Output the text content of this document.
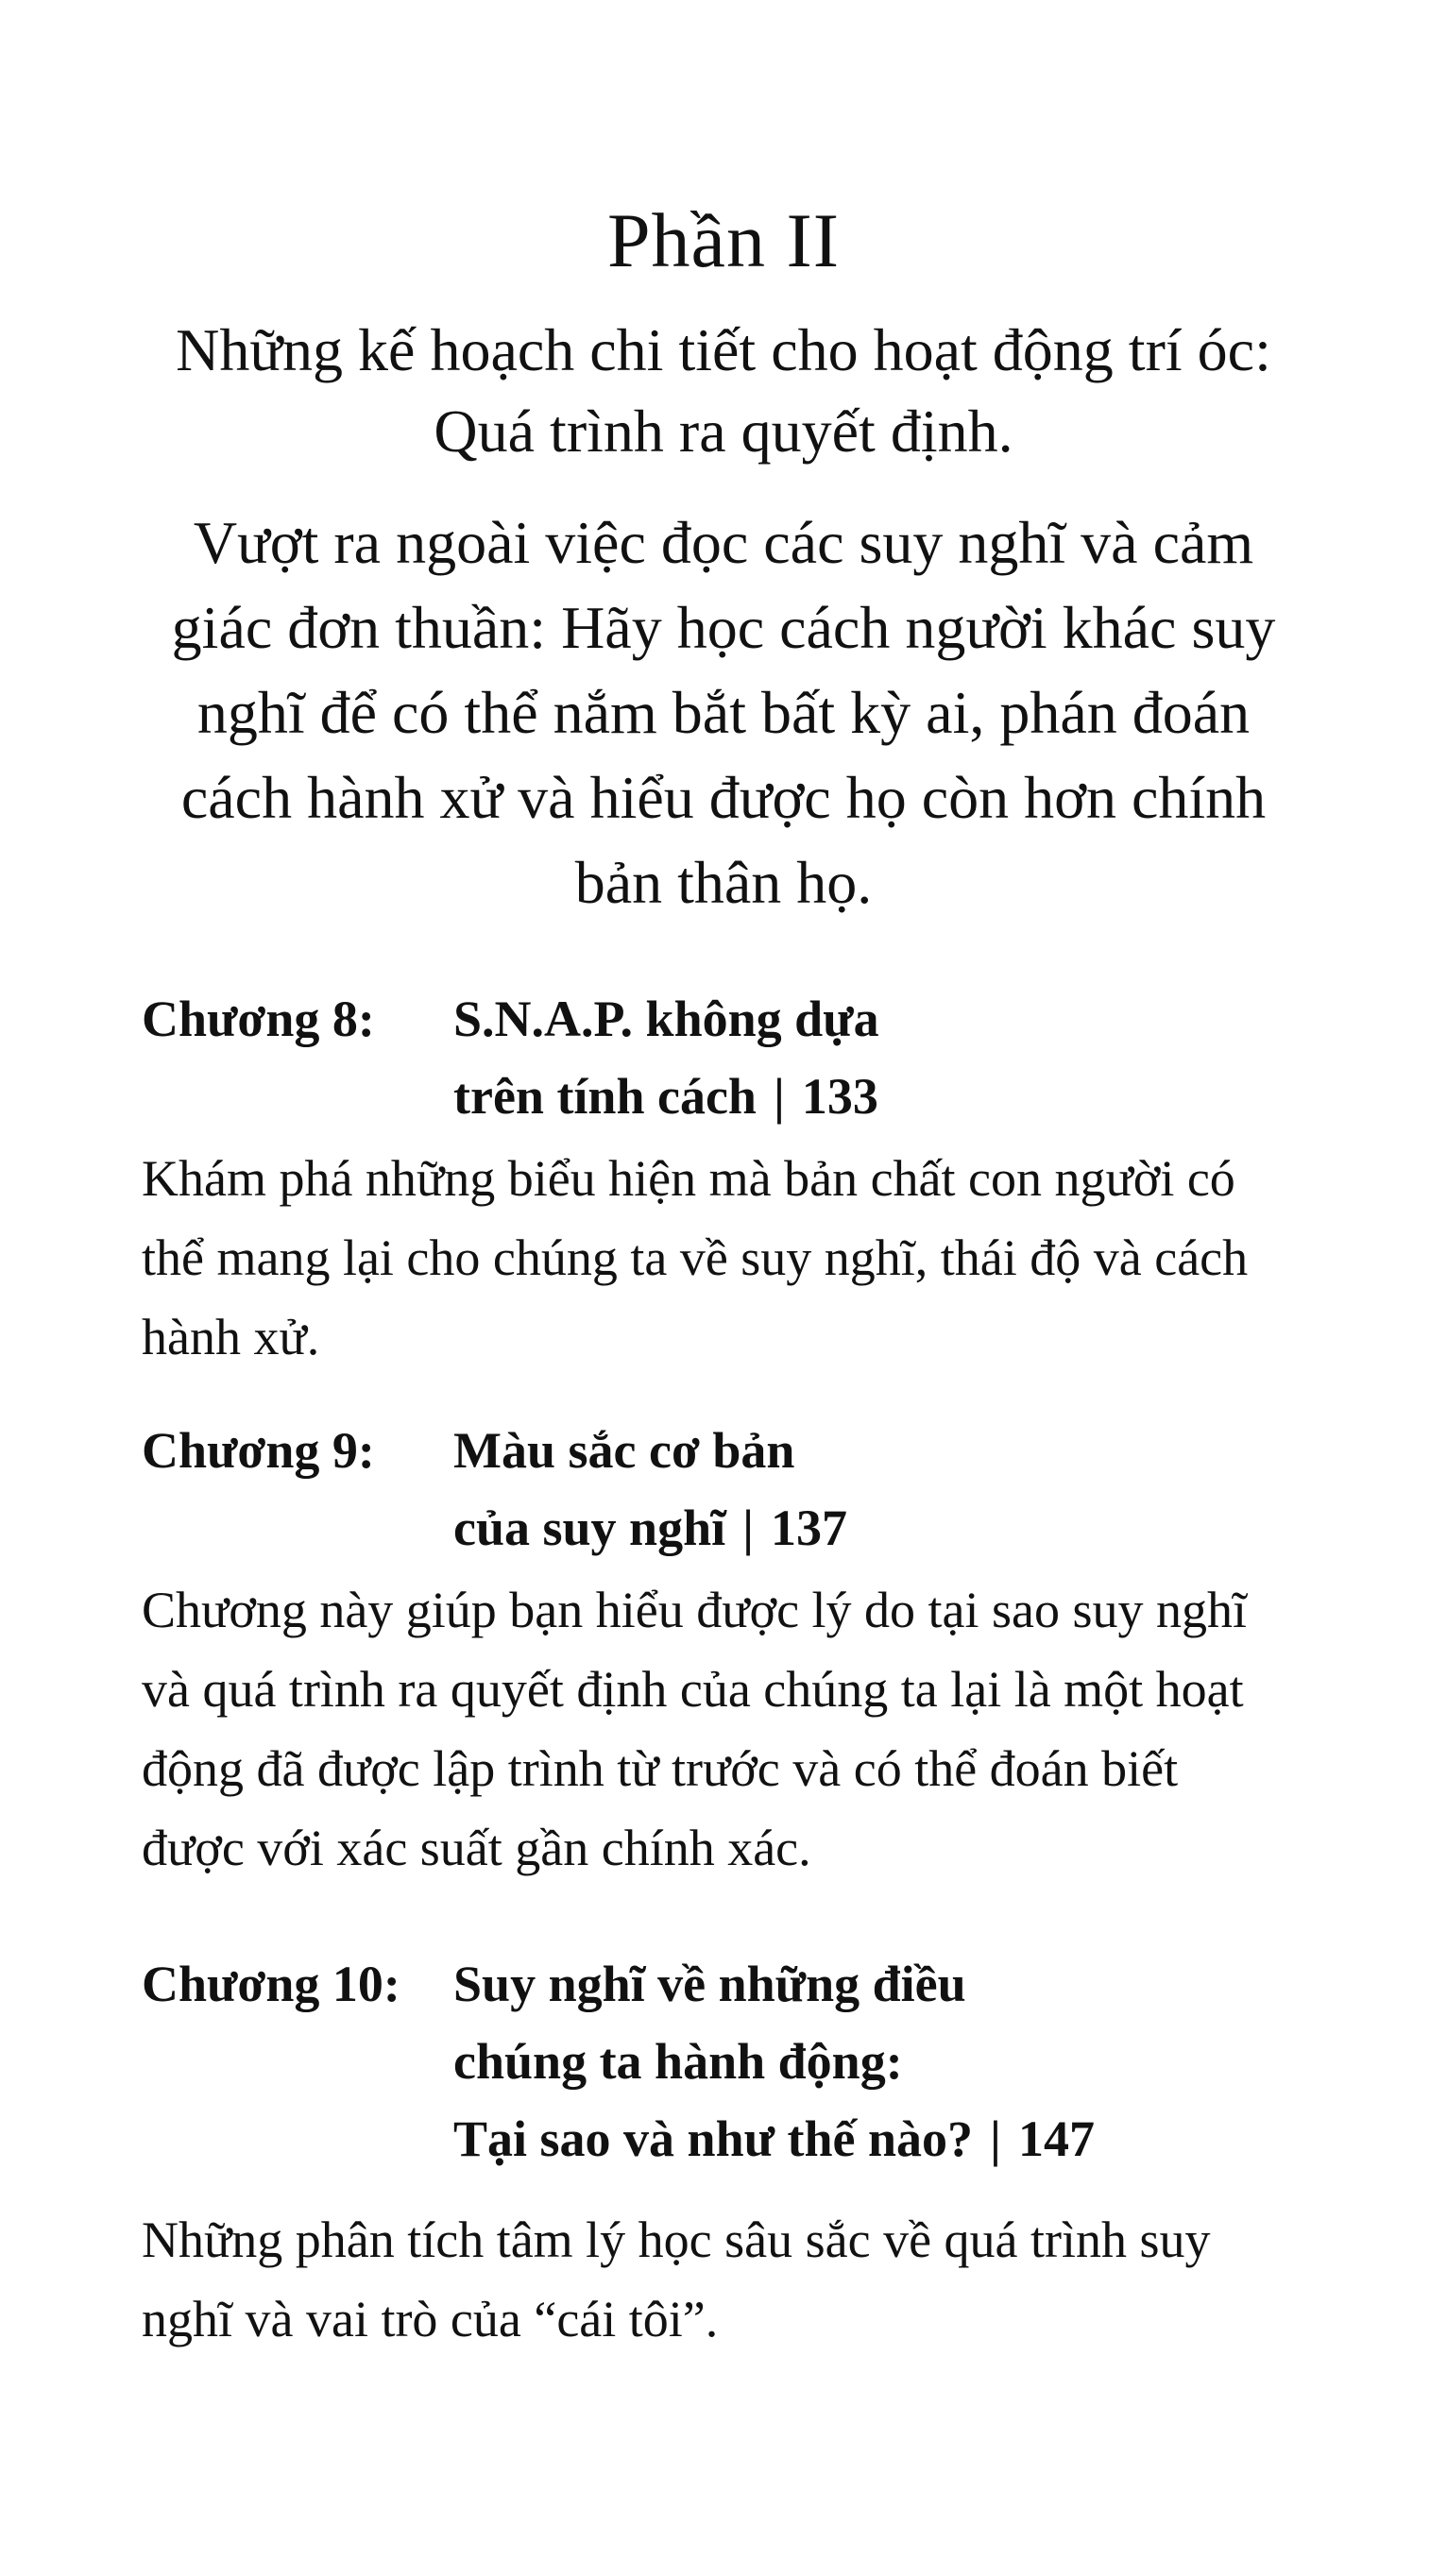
Phần II
Những kế hoạch chi tiết cho hoạt động trí óc:
Quá trình ra quyết định.
Vượt ra ngoài việc đọc các suy nghĩ và cảm
giác đơn thuần: Hãy học cách người khác suy
nghĩ để có thể nắm bắt bất kỳ ai, phán đoán
cách hành xử và hiểu được họ còn hơn chính
bản thân họ.
Chương 8:	S.N.A.P. không dựa
trên tính cách | 133
Khám phá những biểu hiện mà bản chất con người có
thể mang lại cho chúng ta về suy nghĩ, thái độ và cách
hành xử.
Chương 9:	Màu sắc cơ bản
của suy nghĩ | 137
Chương này giúp bạn hiểu được lý do tại sao suy nghĩ
và quá trình ra quyết định của chúng ta lại là một hoạt
động đã được lập trình từ trước và có thể đoán biết
được với xác suất gần chính xác.
Chương 10:	Suy nghĩ về những điều
chúng ta hành động:
Tại sao và như thế nào? | 147
Những phân tích tâm lý học sâu sắc về quá trình suy
nghĩ và vai trò của “cái tôi”.
